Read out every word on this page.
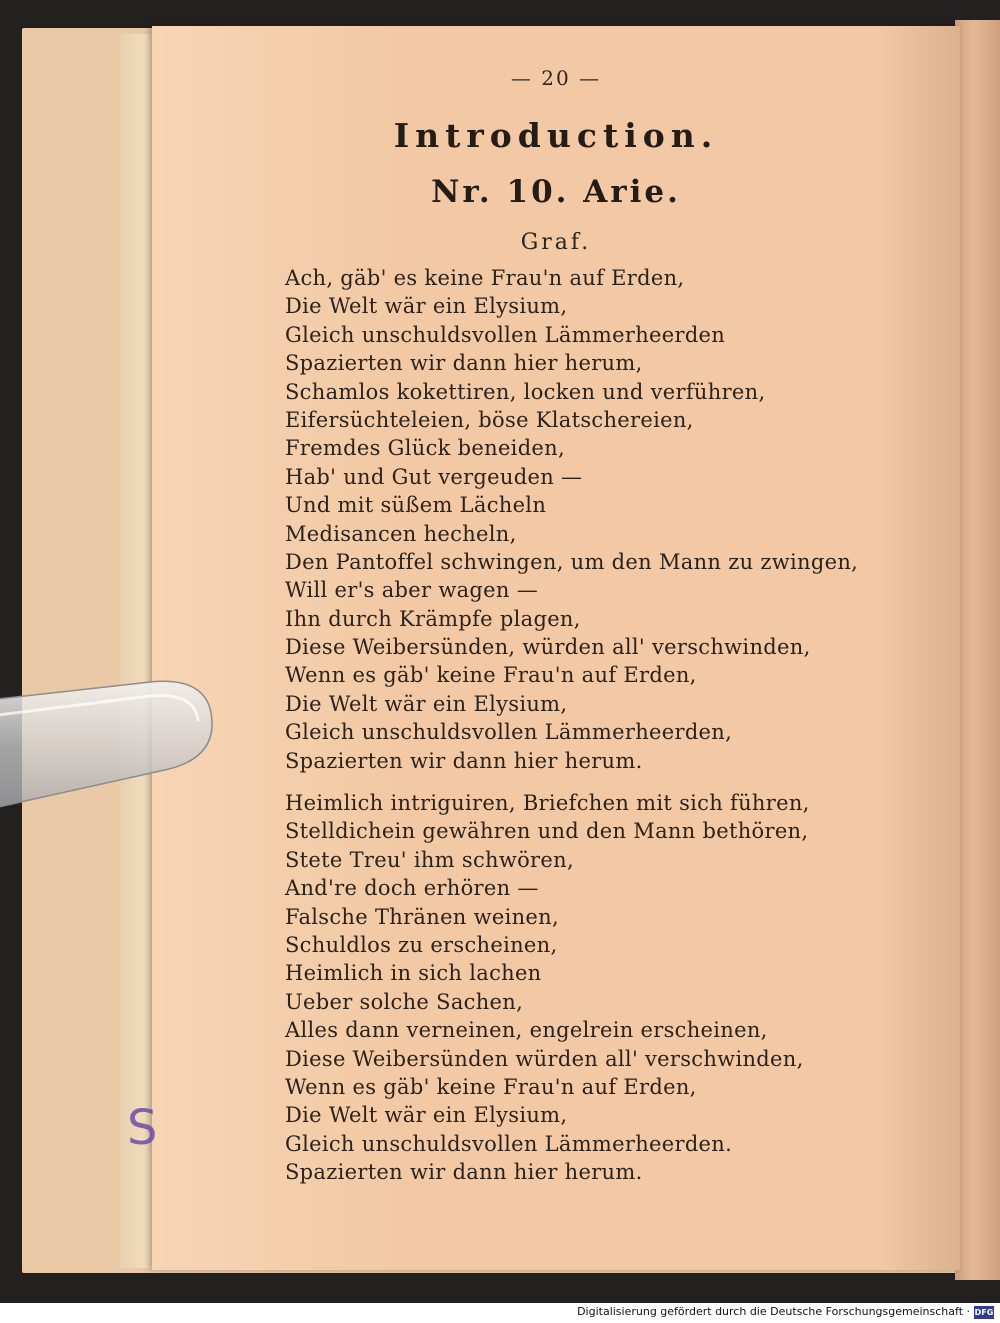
— 20 —
Introduction.
Nr. 10. Arie.
Graf.
Ach, gäb' es keine Frau'n auf Erden,
Die Welt wär ein Elysium,
Gleich unschuldsvollen Lämmerheerden
Spazierten wir dann hier herum,
Schamlos kokettiren, locken und verführen,
Eifersüchteleien, böse Klatschereien,
Fremdes Glück beneiden,
Hab' und Gut vergeuden —
Und mit süßem Lächeln
Medisancen hecheln,
Den Pantoffel schwingen, um den Mann zu zwingen,
Will er's aber wagen —
Ihn durch Krämpfe plagen,
Diese Weibersünden, würden all' verschwinden,
Wenn es gäb' keine Frau'n auf Erden,
Die Welt wär ein Elysium,
Gleich unschuldsvollen Lämmerheerden,
Spazierten wir dann hier herum.
Heimlich intriguiren, Briefchen mit sich führen,
Stelldichein gewähren und den Mann bethören,
Stete Treu' ihm schwören,
And're doch erhören —
Falsche Thränen weinen,
Schuldlos zu erscheinen,
Heimlich in sich lachen
Ueber solche Sachen,
Alles dann verneinen, engelrein erscheinen,
Diese Weibersünden würden all' verschwinden,
Wenn es gäb' keine Frau'n auf Erden,
Die Welt wär ein Elysium,
Gleich unschuldsvollen Lämmerheerden.
Spazierten wir dann hier herum.
S
Digitalisierung gefördert durch die Deutsche Forschungsgemeinschaft · DFG
